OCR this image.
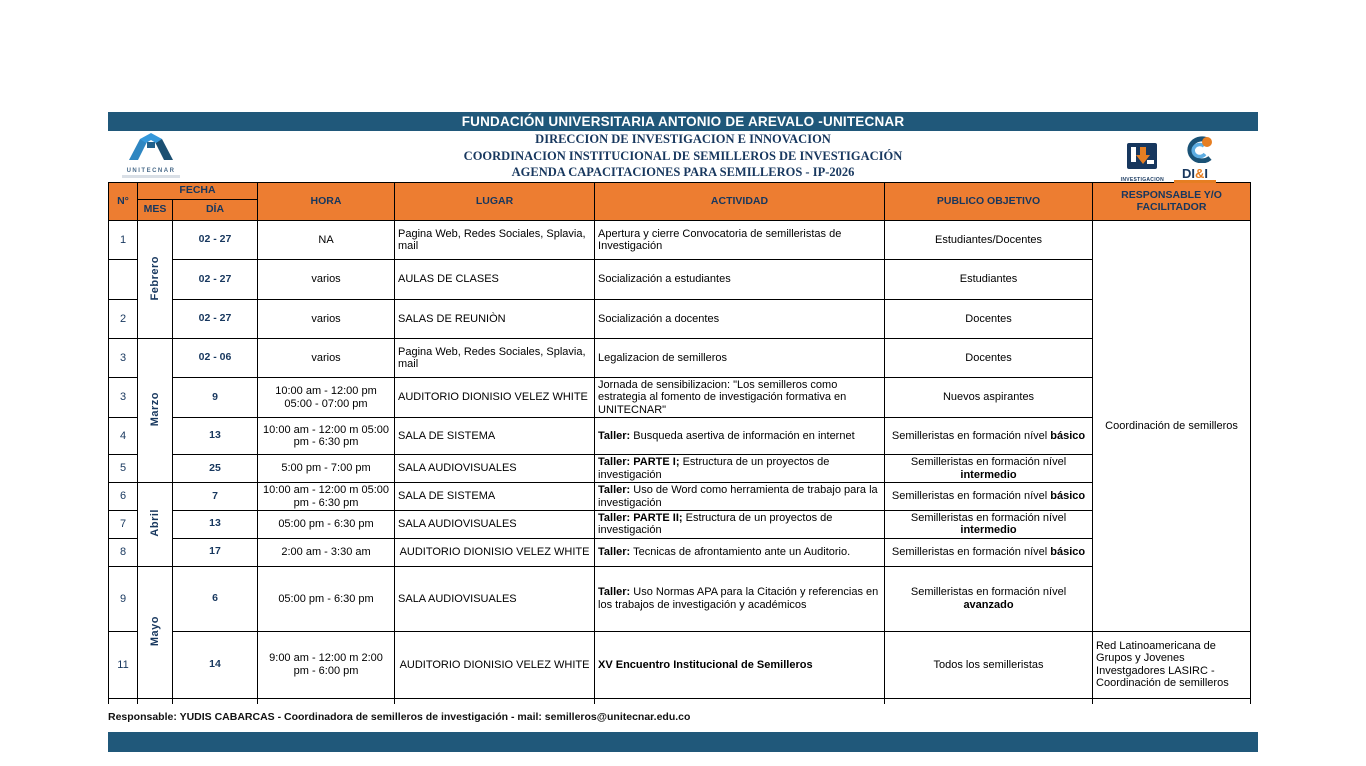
FUNDACIÓN UNIVERSITARIA ANTONIO DE AREVALO -UNITECNAR
UNITECNAR
DIRECCION DE INVESTIGACION E INNOVACION
COORDINACION INSTITUCIONAL DE SEMILLEROS DE INVESTIGACIÓN
AGENDA CAPACITACIONES PARA SEMILLEROS - IP-2026
INVESTIGACION	DI&I
N°	FECHA		HORA	LUGAR	ACTIVIDAD	PUBLICO OBJETIVO	RESPONSABLE Y/O FACILITADOR
	MES	DÍA					
1	Febrero	02 - 27	NA	Pagina Web, Redes Sociales, Splavia, mail	Apertura y cierre Convocatoria de semilleristas de Investigación	Estudiantes/Docentes	Coordinación de semilleros
		02 - 27	varios	AULAS DE CLASES	Socialización a estudiantes	Estudiantes	
2		02 - 27	varios	SALAS DE REUNIÒN	Socialización a docentes	Docentes	
3	Marzo	02 - 06	varios	Pagina Web, Redes Sociales, Splavia, mail	Legalizacion de semilleros	Docentes	
3		9	10:00 am - 12:00 pm 05:00 - 07:00 pm	AUDITORIO DIONISIO VELEZ WHITE	Jornada de sensibilizacion: "Los semilleros como estrategia al fomento de investigación formativa en UNITECNAR"	Nuevos aspirantes	
4		13	10:00 am - 12:00 m 05:00 pm - 6:30 pm	SALA DE SISTEMA	Taller: Busqueda asertiva de información en internet	Semilleristas en formación nível básico	
5		25	5:00 pm - 7:00 pm	SALA AUDIOVISUALES	Taller: PARTE I; Estructura de un proyectos de investigación	Semilleristas en formación nível intermedio	
6	Abril	7	10:00 am - 12:00 m 05:00 pm - 6:30 pm	SALA DE SISTEMA	Taller: Uso de Word como herramienta de trabajo para la investigación	Semilleristas en formación nível básico	
7		13	05:00 pm - 6:30 pm	SALA AUDIOVISUALES	Taller: PARTE II; Estructura de un proyectos de investigación	Semilleristas en formación nível intermedio	
8		17	2:00 am - 3:30 am	AUDITORIO DIONISIO VELEZ WHITE	Taller: Tecnicas de afrontamiento ante un Auditorio.	Semilleristas en formación nível básico	
9	Mayo	6	05:00 pm - 6:30 pm	SALA AUDIOVISUALES	Taller: Uso Normas APA para la Citación y referencias en los trabajos de investigación y académicos	Semilleristas en formación nível avanzado	
11		14	9:00 am - 12:00 m 2:00 pm - 6:00 pm	AUDITORIO DIONISIO VELEZ WHITE	XV Encuentro Institucional de Semilleros	Todos los semilleristas	Red Latinoamericana de Grupos y Jovenes Investgadores LASIRC - Coordinación de semilleros

Responsable: YUDIS CABARCAS - Coordinadora de semilleros de investigación - mail: semilleros@unitecnar.edu.co
